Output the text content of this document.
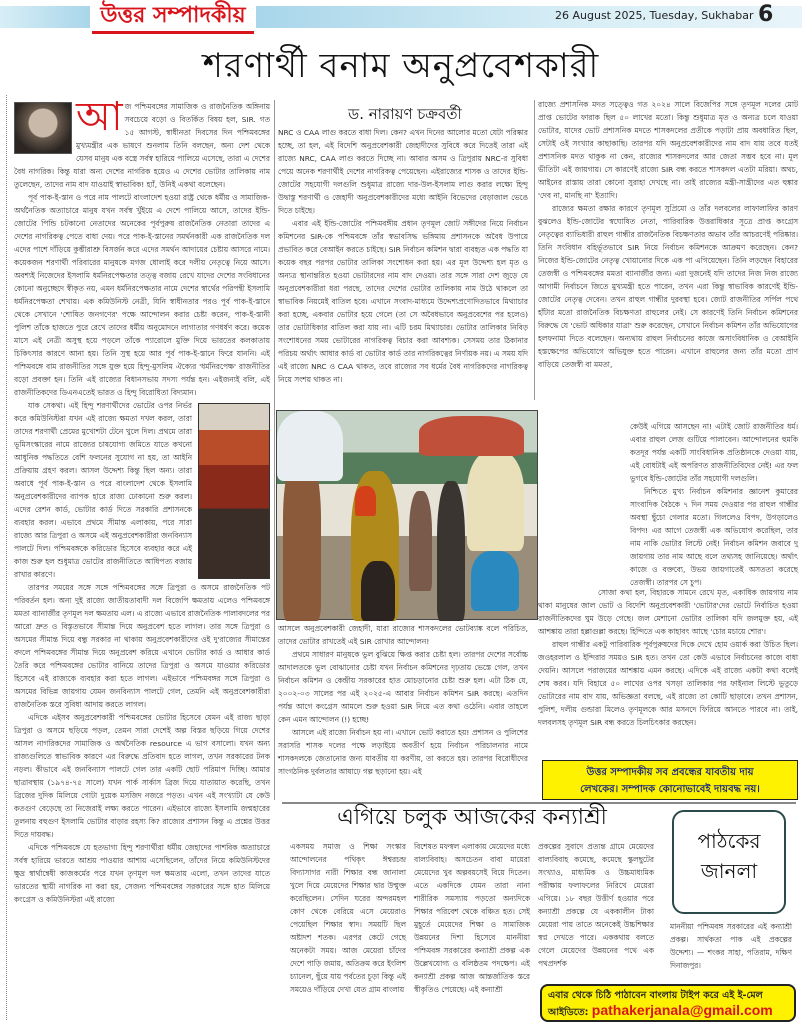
উত্তর সম্পাদকীয়	26 August 2025, Tuesday, Sukhabar 6
শরণার্থী বনাম অনুপ্রবেশকারী
আ জ পশ্চিমবঙ্গের সামাজিক ও রাজনৈতিক অঙ্গিনায় সবচেয়ে বড়ো ও বিতর্কিত বিষয় হল, SIR. গত ১৫ আগস্ট, স্বাধীনতা দিবসের দিন পশ্চিমবঙ্গের মুখ্যমন্ত্রীর এক ভাষণে শুনলাম তিনি বলছেন, অন্য দেশ থেকে যেসব মানুষ এক বস্ত্রে সর্বস্ব হারিয়ে পালিয়ে এসেছে, তারা এ দেশের বৈধ নাগরিক। কিন্তু যারা অন্য দেশের নাগরিক হয়েও এ দেশের ভোটার তালিকায় নাম তুলেছেন, তাদের নাম বাদ যাওয়াই স্বাভাবিক! হ্যাঁ, উনিই একথা বলেছেন।

পূর্ব পাক-ই-স্তান ও পরে নাম পালটে বাংলাদেশ হওয়া রাষ্ট্র থেকে ধর্মীয় ও সামাজিক-অর্থনৈতিক অত্যাচারে মানুষ যখন সর্বস্ব খুঁইয়ে এ দেশে পালিয়ে আসে, তাদের ইন্ডি-জোটের পিন্ডি চটকানো নেতাদের অনেকের পূর্বপুরুষ রাজনৈতিক নেতারা তাদের এ দেশের নাগরিকত্ব পেতে বাধা দেয়। পরে পাক-ই-স্তানের সমর্থনকারী এক রাজনৈতিক দল এদের পাশে দাঁড়িয়ে কুম্ভীরাশ্রু বিসর্জন করে এদের সমর্থন আদায়ের চেষ্টায় আসরে নামে। কয়েকজন শরণার্থী পরিবারের মানুষকে মগজ ধোলাই করে দলীয় নেতৃত্বে নিয়ে আসে। অবশ্যই নিজেদের ইসলামি ধর্মনিরপেক্ষতার তত্ত্ব বজায় রেখে যাদের দেশের সংবিধানের কোনো অনুচ্ছেদে স্বীকৃত নয়, এমন ধর্মনিরপেক্ষতার নামে দেশের স্বার্থের পরিপন্থী ইসলামি ধর্মনিরপেক্ষতা শেখায়। এক কমিউনিস্ট নেত্রী, যিনি স্বাধীনতার পরও পূর্ব পাক-ই-স্তানে থেকে সেখানে 'শোষিত জনগণের' পক্ষে আন্দোলন করার চেষ্টা করেন, পাক-ই-স্তানী পুলিশ তাঁকে হাজতে পুরে রেখে তাদের ধর্মীয় অনুমোদনে লাগাতার গণধর্ষণ করে। কয়েক মাসে এই নেত্রী অসুস্থ হয়ে পড়লে তাঁকে প্যারোলে মুক্তি দিয়ে ভারতের কলকাতায় চিকিৎসার কারণে আনা হয়। তিনি সুস্থ হয়ে আর পূর্ব পাক-ই-স্তানে ফিরে যাননি। এই পশ্চিমবঙ্গে বাম রাজনীতির সঙ্গে যুক্ত হয়ে হিন্দু-মুসলিম ঐক্যের 'ধর্মনিরপেক্ষ' রাজনীতির বড়ো প্রবক্তা হন। তিনি এই রাজ্যের বিধানসভায় সদস্য পর্যন্ত হন। এইজন্যই বলি, এই রাজনীতিকদের ডিএনএতেই ভারত ও হিন্দু বিরোধিতা বিদ্যমান।

যাক সেকথা। এই হিন্দু শরণার্থীদের ভোটের ওপর নির্ভর করে কমিউনিস্টরা যখন এই রাজ্যে ক্ষমতা দখল করল, তারা তাদের শরণার্থী প্রেমের মুখোশটা টেনে খুলে দিল। প্রথমে তারা ভূমিসংস্কারের নামে রাজ্যের চাষযোগ্য জমিতে যাতে কখনো আধুনিক পদ্ধতিতে বেশি ফলনের সুযোগ না হয়, তা আইনি প্রক্রিয়ায় গ্রহণ করল। আসল উদ্দেশ্য কিন্তু ছিল অন্য। তারা অবাধে পূর্ব পাক-ই-স্তান ও পরে বাংলাদেশ থেকে ইসলামি অনুপ্রবেশকারীদের ব্যাপক হারে রাজ্য ঢোকানো শুরু করল। এদের রেশন কার্ড, ভোটার কার্ড দিতে সরকারি প্রশাসনকে ব্যবহার করল। এভাবে প্রথমে সীমান্ত এলাকায়, পরে সারা রাজ্যে আর ত্রিপুরা ও অসমে এই অনুপ্রবেশকারীরা জনবিন্যাস পালটে দিল। পশ্চিমবঙ্গকে করিডোর হিসেবে ব্যবহার করে এই কাজ শুরু হল শুধুমাত্র ভোটের রাজনীতিতে আধিপত্য বজায় রাখার কারণে।

তারপর সময়ের সঙ্গে সঙ্গে পশ্চিমবঙ্গের সঙ্গে ত্রিপুরা ও অসমে রাজনৈতিক পট পরিবর্তন হল। অন্য দুই রাজ্যে জাতীয়তাবাদী দল বিজেপি ক্ষমতায় এলেও পশ্চিমবঙ্গে মমতা ব্যানার্জীর তৃণমূল দল ক্ষমতায় এল। এ রাজ্যে এভাবে রাজনৈতিক পালাবদলের পর আরো দ্রুত ও বিস্তৃতভাবে সীমান্ত দিয়ে অনুপ্রবেশ হতে লাগল। তার সঙ্গে ত্রিপুরা ও অসমের সীমান্ত দিয়ে বন্ধু সরকার না থাকায় অনুপ্রবেশকারীদের ওই দু'রাজ্যের সীমান্তের বদলে পশ্চিমবঙ্গের সীমান্ত দিয়ে অনুপ্রবেশ করিয়ে এখানে ভোটার কার্ড ও আধার কার্ড তৈরি করে পশ্চিমবঙ্গের ভোটার বানিয়ে তাদের ত্রিপুরা ও অসমে যাওয়ার করিডোর হিসেবে এই রাজ্যকে ব্যবহার করা হতে লাগল। এইভাবে পশ্চিমবঙ্গর সঙ্গে ত্রিপুরা ও অসমের বিভিন্ন জায়গায় যেমন জনবিন্যাস পালটে গেল, তেমনি এই অনুপ্রবেশকারীরা রাজনৈতিক স্তরে সুবিধা আদায় করতে লাগল।

এদিকে এইসব অনুপ্রবেশকারী পশ্চিমবঙ্গের ভোটার হিসেবে যেমন এই রাজ্য ছাড়া ত্রিপুরা ও অসমে ছড়িয়ে পড়ল, তেমন সারা দেশেই অল্প বিস্তর ছড়িয়ে গিয়ে দেশের আসল নাগরিকদের সামাজিক ও অর্থনৈতিক resource এ ভাগ বসালো। যখন অন্য রাজ্যগুলিতে স্বাভাবিক কারণে এর বিরুদ্ধে প্রতিবাদ হতে লাগল, তখন সরকারের টনক নড়ল। কীভাবে এই জনবিন্যাস পালটে গেল তার একটি ছোট পরিমাপ দিচ্ছি। আমার ছাত্রাবস্থায় (১৯৭৪-৭৫ সালে) যখন পার্ক সার্কাস ব্রিজ দিয়ে যাতায়াত করেছি, তখন ব্রিজের দুদিক মিলিয়ে গোটা দুয়েক মসজিদ নজরে পড়ত। এখন এই সংখ্যাটা যে কেউ কতগুণ বেড়েছে তা নিজেরাই লক্ষ্য করতে পারেন। এইভাবে রাজ্যে ইসলামি জন্মহারের তুলনায় বহুগুণ ইসলামি ভোটার বাড়ার রহস্য কি? রাজ্যের প্রশাসন কিন্তু এ প্রশ্নের উত্তর দিতে দায়বদ্ধ।

এদিকে পশ্চিমবঙ্গে যে হতভাগ্য হিন্দু শরণার্থীরা ধর্মীয় জেহাদের পাশবিক অত্যাচারে সর্বস্ব হারিয়ে ভারতে আশ্রয় পাওয়ার আশায় এসেছিলেন, তাঁদের নিয়ে কমিউনিস্টদের ক্ষুদ্র স্বার্থান্বেষী কাজকর্মের পরে যখন তৃণমূল দল ক্ষমতায় এলো, তখন তাদের যাতে ভারতের স্থায়ী নাগরিক না করা হয়, সেজন্য পশ্চিমবঙ্গের সরকারের সঙ্গে হাত মিলিয়ে কংগ্রেস ও কমিউনিস্টরা এই রাজ্যে

ড. নারায়ণ চক্রবর্তী

NRC ও CAA লাগু করতে বাধা দিল। কেন? এখন দিনের আলোর মতো যেটা পরিষ্কার হচ্ছে, তা হল, এই বিদেশি অনুপ্রবেশকারী জেহাদীদের সুবিধে করে দিতেই তারা এই রাজ্যে NRC, CAA লাগু করতে দিচ্ছে না। আবার অসম ও ত্রিপুরায় NRC-র সুবিধা পেয়ে অনেক শরণার্থীই দেশের নাগরিকত্ব পেয়েছেন। এইরাজ্যের শাসক ও তাদের ইন্ডি-জোটের সহযোগী দলগুলি শুধুমাত্র রাজ্যে দার-উল-ইসলাম লাগু করার লক্ষ্যে হিন্দু উদ্বাস্তু শরণার্থী ও জেহাদী অনুপ্রবেশকারীদের মধ্যে আইনি বিভেদের বেড়াজাল ভেঙে দিতে চাইছে।

এবার এই ইন্ডি-জোটের পশ্চিমবঙ্গীয় প্রধান তৃণমূল জোট সঙ্গীদের নিয়ে নির্বাচন কমিশনের SIR-কে পশ্চিমবঙ্গে তাঁর স্বভাবসিদ্ধ ভঙ্গিমায় প্রশাসনকে অবৈধ উপায়ে প্রভাবিত করে বেআইন করতে চাইছে। SIR নির্বাচন কমিশন দ্বারা ব্যবহৃত এক পদ্ধতি যা কয়েক বছর পরপর ভোটার তালিকা সংশোধন করা হয়। এর মূল উদ্দেশ্য হল মৃত ও অন্যত্র স্থানান্তরিত হওয়া ভোটারদের নাম বাদ দেওয়া। তার সঙ্গে সারা দেশ জুড়ে যে অনুপ্রবেশকারীরা ধরা পরছে, তাদের দেশের ভোটার তালিকায় নাম উঠে থাকলে তা স্বাভাবিক নিয়মেই বাতিল হবে। এখানে সংবাদ-মাধ্যমে উদ্দেশ্যপ্রণোদিতভাবে মিথ্যাচার করা হচ্ছে, একবার ভোটার হয়ে গেলে (তা সে অবৈধভাবে অনুপ্রবেশের পর হলেও) তার ভোটাধিকার বাতিল করা যায় না। এটি চরম মিথ্যাচার। ভোটার তালিকার নিবিড় সংশোধনের সময় ভোটারের নাগরিকত্ব বিচার করা আবশ্যক। সেসময় তার ঠিকানার পরিচয় অর্থাৎ আধার কার্ড বা ভোটার কার্ড তার নাগরিকত্বের নির্ণায়ক নয়। এ সময় যদি এই রাজ্যে NRC ও CAA থাকত, তবে রাজ্যের সব ধর্মের বৈধ নাগরিকদের নাগরিকত্ব নিয়ে সংশয় থাকত না।

আসলে অনুপ্রবেশকারী জেহাদী, যারা রাজ্যের শাসকদলের ভোটব্যাঙ্ক বলে পরিচিত, তাদের ভোটার রাখতেই এই SIR রোখার আন্দোলন!

প্রথমে সাধারণ মানুষকে ভুল বুঝিয়ে ক্ষিপ্ত করার চেষ্টা হল। তারপর দেশের সর্বোচ্চ আদালতকে ভুল বোঝানোর চেষ্টা যখন নির্বাচন কমিশনের দৃঢ়তায় ভেস্তে গেল, তখন নির্বাচন কমিশন ও কেন্দ্রীয় সরকারের হাত মোচড়ানোর চেষ্টা শুরু হল। এটা ঠিক যে, ২০০২-০৩ সালের পর এই ২০২৫-এ আবার নির্বাচন কমিশন SIR করছে। এতদিন পর্যন্ত আগে কংগ্রেস আমলে শুরু হওয়া SIR নিয়ে এত কথা ওঠেনি। এবার তাহলে কেন এমন আন্দোলন (!) হচ্ছে!

আসলে এই রাজ্যে নির্বাচন হয় না। এখানে ভোট করাতে হয়! প্রশাসন ও পুলিশের সরাসরি শাসক দলের পক্ষে লড়াইয়ে অবতীর্ণ হয়ে নির্বাচন পরিচালনার নামে শাসকদলকে জেতানোর জন্য যাবতীয় যা করণীয়, তা করতে হয়। তারপর বিরোধীদের সাংগঠনিক দুর্বলতার আষাঢ়ে গল্প ছড়ানো হয়। এই

রাজ্যে প্রশাসনিক মদত সত্ত্বেও গত ২০২৪ সালে বিজেপির সঙ্গে তৃণমূল দলের মোট প্রাপ্ত ভোটের ফারাক ছিল ৫০ লাখের মতো। কিন্তু শুধুমাত্র মৃত ও অন্যত্র চলে যাওয়া ভোটার, যাদের ভোট প্রশাসনিক মদতে শাসকদলের প্রতীকে পড়াটা প্রায় অবধারিত ছিল, সেটাই ওই সংখ্যার কাছাকাছি। তারপর যদি অনুপ্রবেশকারীদের নাম বাদ যায় তবে যতই প্রশাসনিক মদত থাকুক না কেন, রাজ্যের শাসকদলের আর জেতা সম্ভব হবে না। মূল ভীতিটা এই জায়গায়। সে কারণেই রাজ্যে SIR বন্ধ করতে শাসকদল এতটা মরিয়া। অথচ, আইনের রাস্তায় তারা কোনো সুরাহা দেখছে না। তাই রাজ্যের মন্ত্রী-সান্ত্রীদের এত হুঙ্কার 'দেব না, মানছি না' ইত্যাদি।

রাজ্যের ক্ষমতা রক্ষার কারণে তৃণমূল সুপ্রিমো ও তাঁর দলবলের লাফালাফির কারণ বুঝলেও ইন্ডি-জোটের স্বঘোষিত নেতা, পারিবারিক উত্তরাধিকার সূত্রে প্রাপ্ত কংগ্রেস নেতৃত্বের ব্যাভিধারী রাহুল গান্ধীর রাজনৈতিক বিচক্ষণতার অভাব তাঁর আচরণেই পরিষ্কার। তিনি সংবিধান বহির্ভূতভাবে SIR নিয়ে নির্বাচন কমিশনকে আক্রমণ করেছেন। কেন? নিজের ইন্ডি-জোটের নেতৃত্ব খোয়ানোর দিকে এক পা এগিয়েছেন। তিনি লড়ছেন বিহারের তেজস্বী ও পশ্চিমবঙ্গের মমতা ব্যানার্জীর জন্য। এরা দুজনেই যদি তাদের নিজ নিজ রাজ্যে আগামী নির্বাচনে জিতে মুখ্যমন্ত্রী হতে পারেন, তখন এরা কিন্তু স্বাভাবিক কারণেই ইন্ডি-জোটের নেতৃত্ব দেবেন। তখন রাহুল গান্ধীর দুরবস্থা হবে। জোট রাজনীতির সর্পিল পথে হাঁটার মতো রাজনৈতিক বিচক্ষণতা রাহুলের নেই। সে কারণেই তিনি নির্বাচন কমিশনের বিরুদ্ধে যে 'ভোট অধিকার যাত্রা' শুরু করেছেন, সেখানে নির্বাচন কমিশন তাঁর অভিযোগের হলফনামা দিতে বলেছেন। অন্যথায় রাহুল নির্বাচনের কাজে অসাংবিধানিক ও বেআইনি হস্তক্ষেপের অভিযোগে অভিযুক্ত হতে পারেন। এখানে রাহুলের জন্য তাঁর মতো প্রাণ বাড়িয়ে তেজস্বী বা মমতা,

কেউই এগিয়ে আসছেন না! এটাই জোট রাজনীতির ধর্ম। এবার রাহুল লেজ গুটিয়ে পালাবেন। আন্দোলনের হুমকি কতদূর পর্যন্ত একটি সাংবিধানিক প্রতিষ্ঠানকে দেওয়া যায়, এই বোধটাই এই অপরিণত রাজনীতিবিদের নেই! এর ফল ভুগবে ইন্ডি-জোটের তাঁর সহযোগী দলগুলি।

নিশ্চিতে মুখ্য নির্বাচন কমিশনার জ্ঞানেশ কুমারের সাংবাদিক বৈঠকে ৭ দিন সময় দেওয়ার পর রাহুল গান্ধীর অবস্থা ছুঁচো গেলার মতো। গিললেও বিপদ, উগড়ালেও বিপদ! এর আগে তেজস্বী এক অভিযোগ করেছিল, তার নাম নাকি ভোটার লিস্টে নেই! নির্বাচন কমিশন জবাবে দু জায়গায় তার নাম আছে বলে তথ্যসহ জানিয়েছে। অর্থাৎ কাজে ও বক্তব্যে, উভয় জায়গাতেই অসততা করেছে তেজস্বী। তারপর সে চুপ।

সোজা কথা হল, বিহারকে সামনে রেখে মৃত, একাধিক জায়গায় নাম থাকা মানুষের জাল ভোট ও বিদেশি অনুপ্রবেশকারী 'ভোটার'দের ভোটে নির্বাচিত হওয়া রাজনীতিকদের ঘুম উড়ে গেছে। জল মেশানো ভোটার তালিকা যদি জলমুক্ত হয়, এই আশঙ্কায় তারা হল্লাগুল্লা করছে। হিন্দিতে এক কাহাবৎ আছে 'চোর মচায়ে শোর'।

রাহুল গান্ধীর একটু পারিবারিক পূর্বপুরুষদের দিকে দেখে হোম ওয়ার্ক করা উচিত ছিল। জওহরলাল ও ইন্দিরার সময়ও SIR হত। তখন তো কেউ এভাবে নির্বাচনের কাজে বাধা দেয়নি। আসলে পরাজয়ের আশঙ্কায় এমন করছে। এদিকে এই রাজ্যে একটা কথা বলেই শেষ করব। যদি বিহারে ৫০ লাখের ওপর খসড়া তালিকার পর ফাইনাল লিস্টে ভুতুড়ে ভোটারের নাম বাদ যায়, অভিজ্ঞতা বলছে, এই রাজ্যে তা কোটি ছাড়াবে। তখন প্রশাসন, পুলিশ, দলীয় গুন্ডারা মিলেও তৃণমূলকে আর মসনদে ফিরিয়ে আনতে পারবে না। তাই, দলবলসহ তৃণমূল SIR বন্ধ করতে চিলচিৎকার করছেন।

উত্তর সম্পাদকীয় সব প্রবন্ধের যাবতীয় দায়
লেখকের। সম্পাদক কোনোভাবেই দায়বদ্ধ নয়।
এগিয়ে চলুক আজকের কন্যাশ্রী
একসময় সমাজ ও শিক্ষা সংস্কার আন্দোলনের পথিকৃৎ ঈশ্বরচন্দ্র বিদ্যাসাগর নারী শিক্ষার বন্ধ জানালা খুলে দিয়ে মেয়েদের শিক্ষার দ্বার উন্মুক্ত করেছিলেন। সেদিন ঘরের অন্দরমহল কোণ থেকে বেরিয়ে এসে মেয়েরাও পেয়েছিল শিক্ষার স্বাদ। সময়টি ছিল অষ্টাদশ শতক। এরপর কেটে গেছে অনেকটা সময়। আজ মেয়েরা চাঁদের দেশে পাড়ি জমায়, অতিক্রম করে ইংলিশ চ্যানেল, ছুঁয়ে যায় পর্বতের চূড়া কিন্তু এই সময়েও দাঁড়িয়ে দেখা যেত গ্রাম বাংলায়
বিশেষত মফস্বল এলাকায় মেয়েদের মধ্যে বাল্যবিবাহ। অসচেতন বাবা মায়েরা মেয়েদের খুব অল্পবয়সেই বিয়ে দিতেন। এতে একদিকে যেমন তারা নানা শারীরিক সমস্যায় পড়তো অন্যদিকে শিক্ষার পরিবেশ থেকে বঞ্চিত হত। সেই মুহূর্তে মেয়েদের শিক্ষা ও সামাজিক উন্নয়নের দিশা হিসেবে মাননীয়া পশ্চিমবঙ্গ সরকারের কন্যাশ্রী প্রকল্প এক উল্লেখযোগ্য ও বলিষ্ঠতম পদক্ষেপ। এই কন্যাশ্রী প্রকল্প আজ আন্তর্জাতিক স্তরে স্বীকৃতিও পেয়েছে। এই কন্যাশ্রী
প্রকল্পের সুবাদে প্রত্যন্ত গ্রামে মেয়েদের বাল্যবিবাহ কমেছে, কমেছে স্কুলছুটের সংখ্যাও, মাধ্যমিক ও উচ্চমাধ্যমিক পরীক্ষায় ফলাফলের নিরিখে মেয়েরা এগিয়ে। ১৮ বছর উত্তীর্ণ হওয়ার পরে কন্যাশ্রী প্রকল্পে যে এককালীন টাকা মেয়েরা পায় তাতে অনেকেই উচ্চশিক্ষার স্বপ্ন দেখতে পারে। এককথায় বলতে গেলে মেয়েদের উন্নয়নের পথে এক পথপ্রদর্শক
পাঠকের
জানলা
মাননীয়া পশ্চিমবঙ্গ সরকারের এই কন্যাশ্রী প্রকল্প। সার্থকতা পাক এই প্রকল্পের উদ্দেশ্য। — শংকর সাহা, পতিরাম, দক্ষিণ দিনাজপুর।
এবার থেকে চিঠি পাঠাবেন বাংলায় টাইপ করে এই ই-মেল
আইডিতে: pathakerjanala@gmail.com
